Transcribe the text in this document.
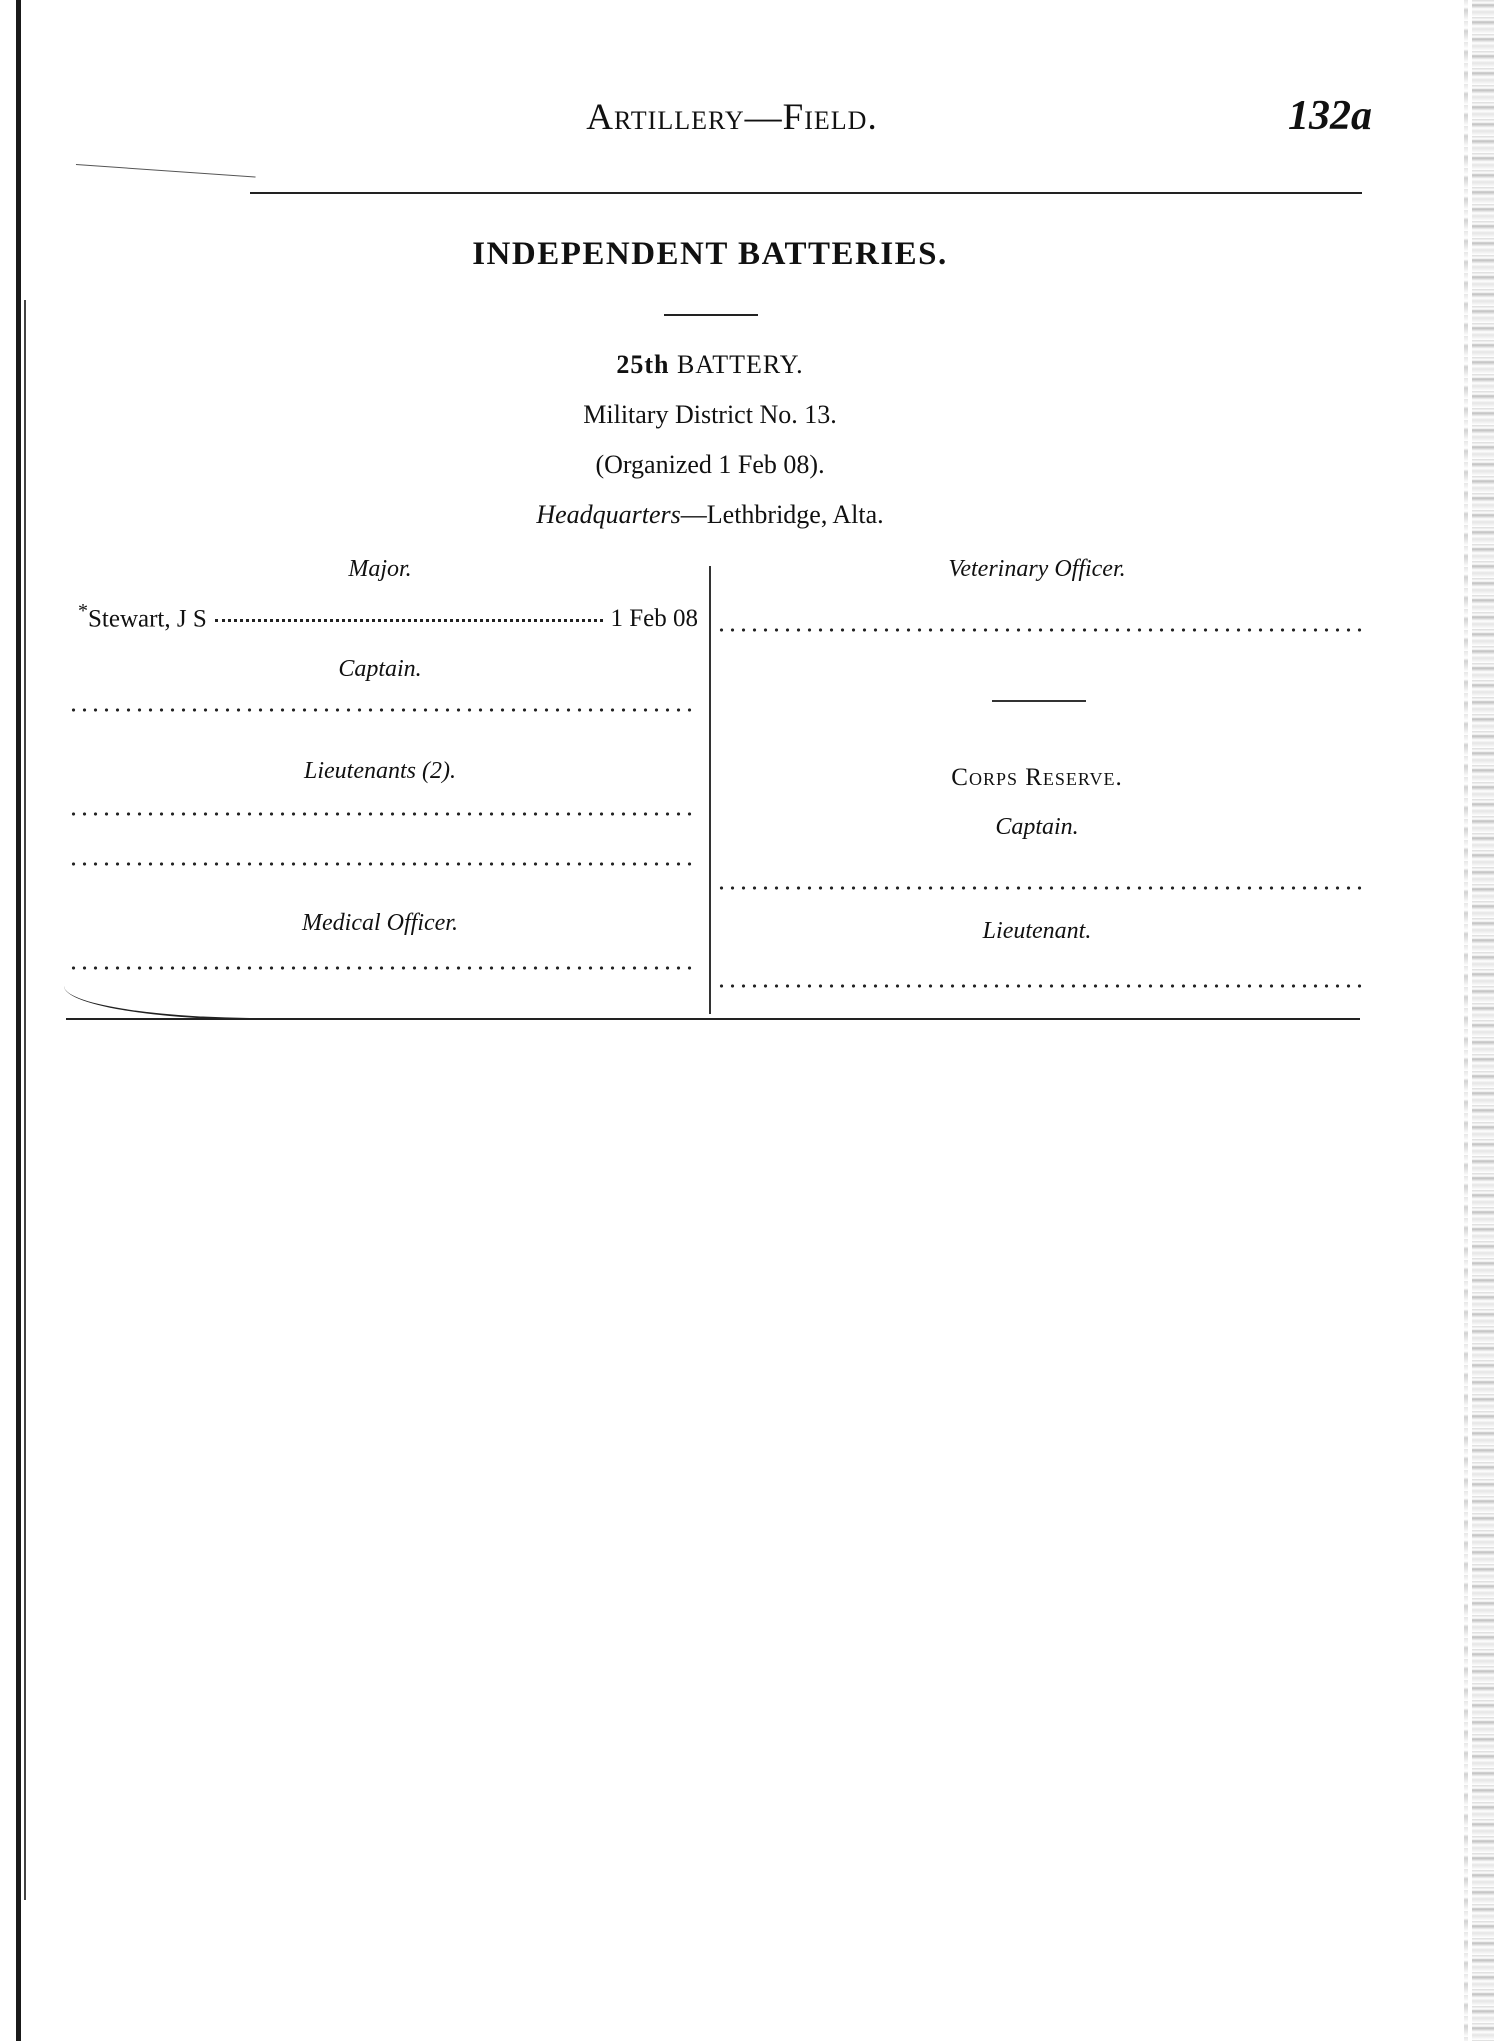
Artillery—Field.	132a
INDEPENDENT BATTERIES.
25th BATTERY.
Military District No. 13.
(Organized 1 Feb 08).
Headquarters—Lethbridge, Alta.
Major.
*Stewart, J S	1 Feb 08
Captain.
Lieutenants (2).
Medical Officer.
Veterinary Officer.
Corps Reserve.
Captain.
Lieutenant.
